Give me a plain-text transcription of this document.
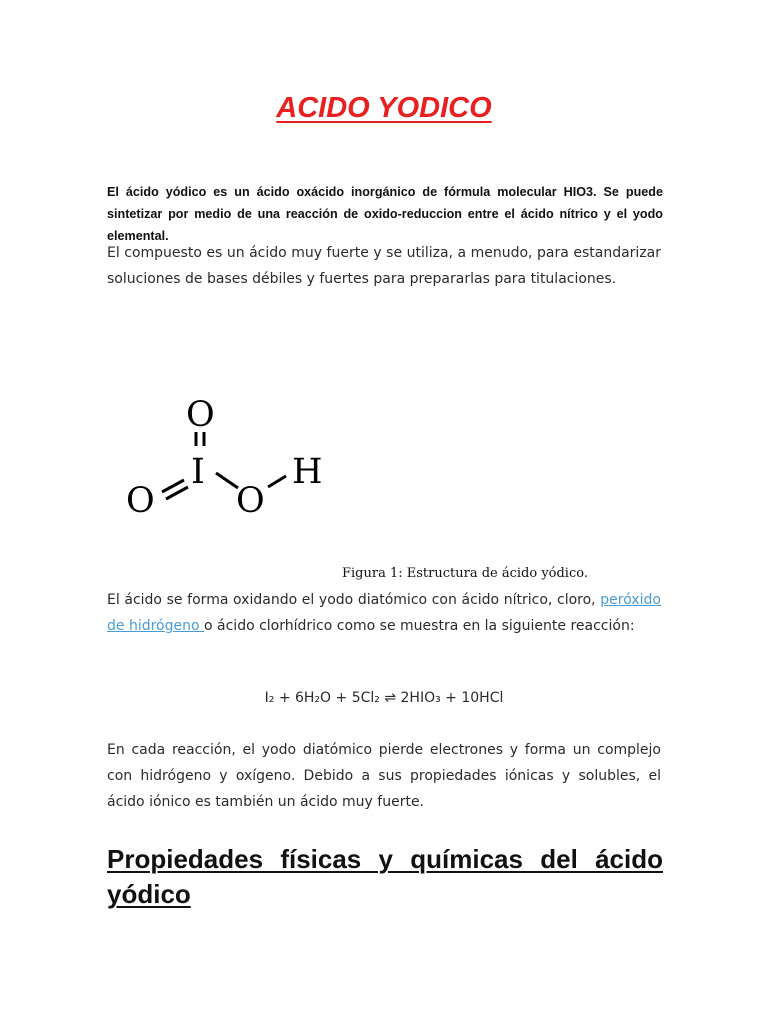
ACIDO YODICO
El ácido yódico es un ácido oxácido inorgánico de fórmula molecular HIO3. Se puede sintetizar por medio de una reacción de oxido-reduccion entre el ácido nítrico y el yodo elemental.
El compuesto es un ácido muy fuerte y se utiliza, a menudo, para estandarizar soluciones de bases débiles y fuertes para prepararlas para titulaciones.
O
I
O O
H
Figura 1: Estructura de ácido yódico.
El ácido se forma oxidando el yodo diatómico con ácido nítrico, cloro, peróxido de hidrógeno o ácido clorhídrico como se muestra en la siguiente reacción:
I₂ + 6H₂O + 5Cl₂ ⇌ 2HIO₃ + 10HCl
En cada reacción, el yodo diatómico pierde electrones y forma un complejo con hidrógeno y oxígeno. Debido a sus propiedades iónicas y solubles, el ácido iónico es también un ácido muy fuerte.
Propiedades físicas y químicas del ácido yódico
